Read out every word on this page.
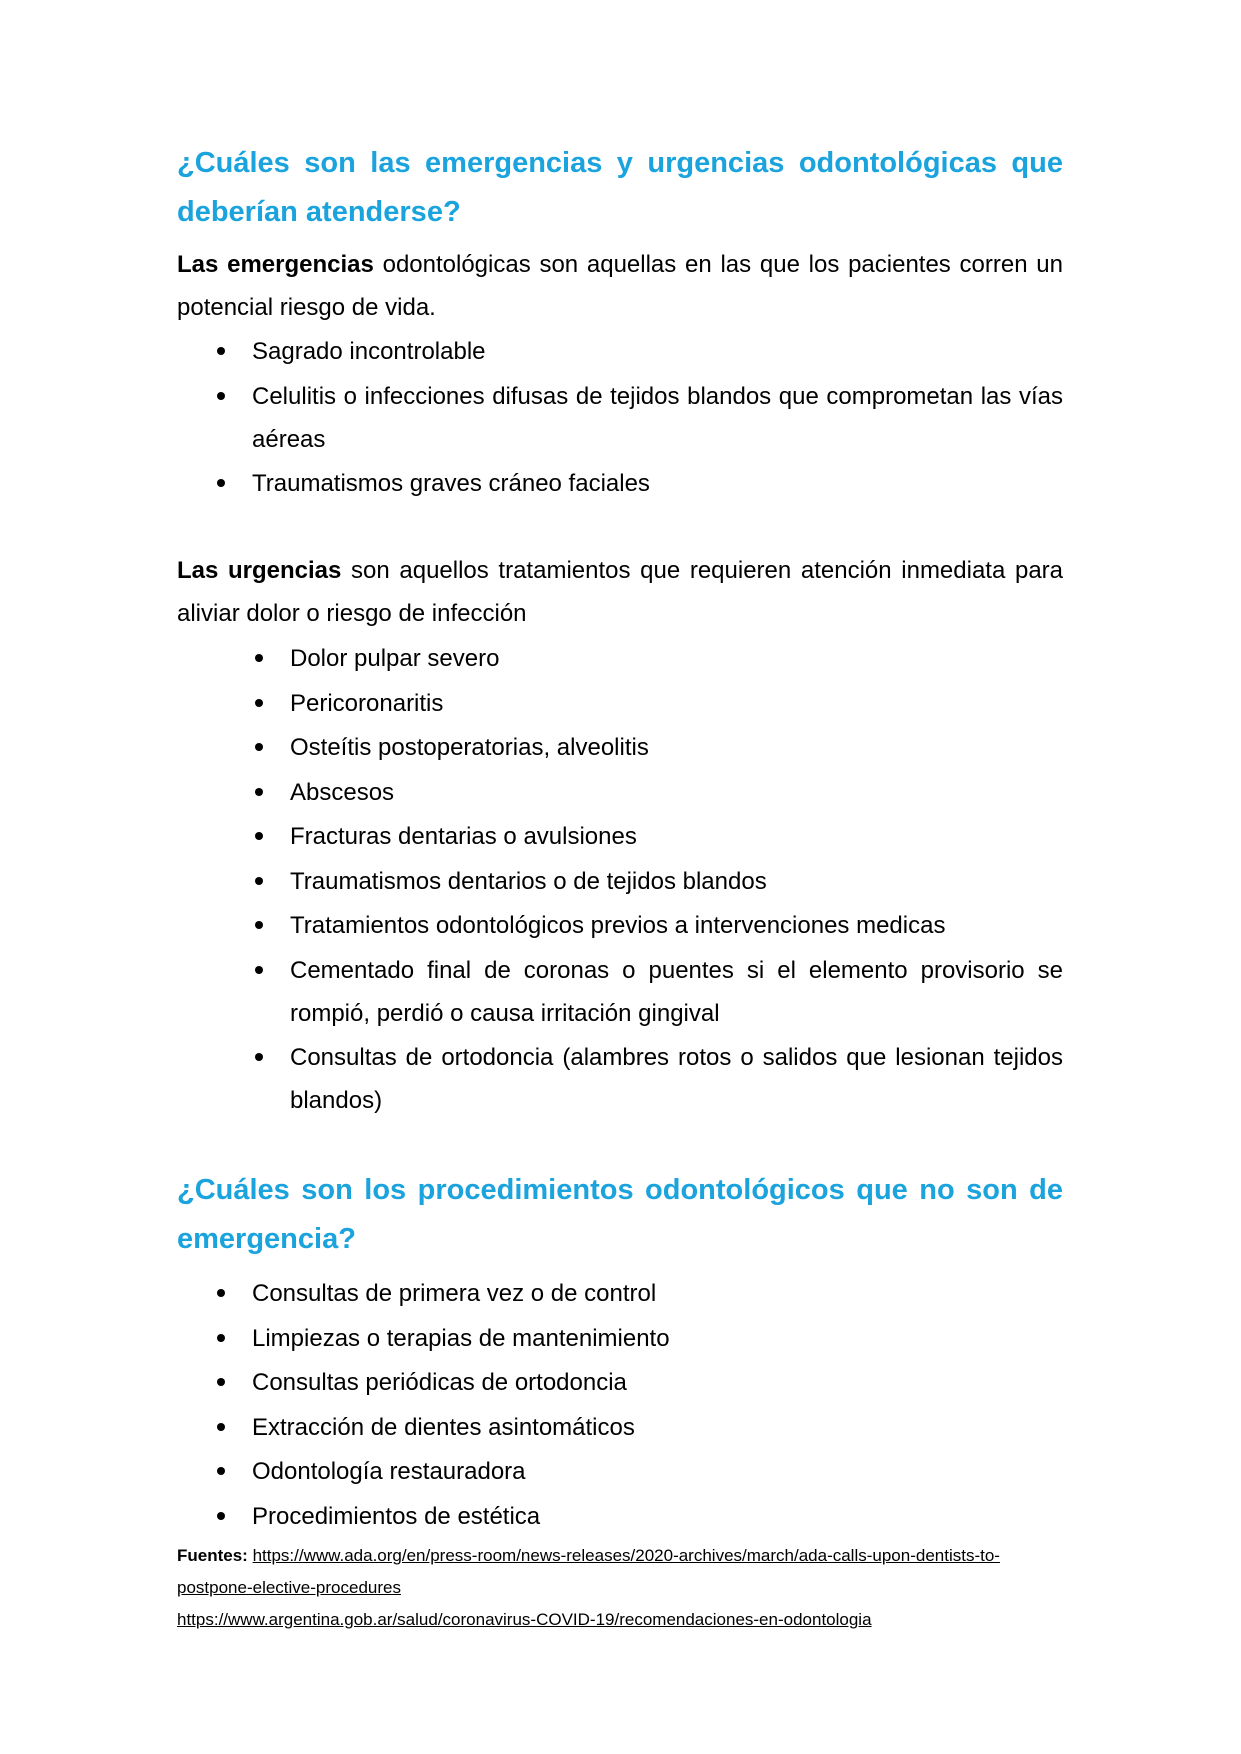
¿Cuáles son las emergencias y urgencias odontológicas que deberían atenderse?

Las emergencias odontológicas son aquellas en las que los pacientes corren un potencial riesgo de vida.

Sagrado incontrolable
Celulitis o infecciones difusas de tejidos blandos que comprometan las vías aéreas
Traumatismos graves cráneo faciales

Las urgencias son aquellos tratamientos que requieren atención inmediata para aliviar dolor o riesgo de infección

Dolor pulpar severo
Pericoronaritis
Osteítis postoperatorias, alveolitis
Abscesos
Fracturas dentarias o avulsiones
Traumatismos dentarios o de tejidos blandos
Tratamientos odontológicos previos a intervenciones medicas
Cementado final de coronas o puentes si el elemento provisorio se rompió, perdió o causa irritación gingival
Consultas de ortodoncia (alambres rotos o salidos que lesionan tejidos blandos)
¿Cuáles son los procedimientos odontológicos que no son de emergencia?
Consultas de primera vez o de control
Limpiezas o terapias de mantenimiento
Consultas periódicas de ortodoncia
Extracción de dientes asintomáticos
Odontología restauradora
Procedimientos de estética
Fuentes: https://www.ada.org/en/press-room/news-releases/2020-archives/march/ada-calls-upon-dentists-to-postpone-elective-procedures
https://www.argentina.gob.ar/salud/coronavirus-COVID-19/recomendaciones-en-odontologia
